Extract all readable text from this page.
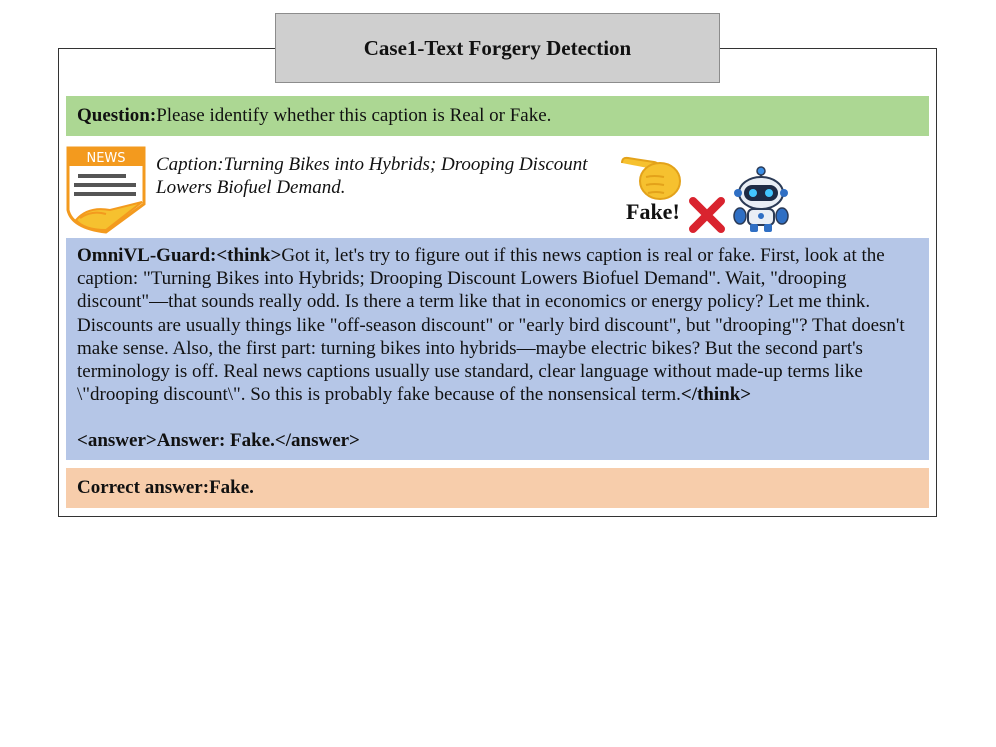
Case1-Text Forgery Detection
Question:Please identify whether this caption is Real or Fake.
NEWS Caption:Turning Bikes into Hybrids; Drooping Discount Lowers Biofuel Demand.
Fake!

OmniVL-Guard:<think>Got it, let's try to figure out if this news caption is real or fake. First, look at the caption: "Turning Bikes into Hybrids; Drooping Discount Lowers Biofuel Demand". Wait, "drooping discount"—that sounds really odd. Is there a term like that in economics or energy policy? Let me think. Discounts are usually things like "off-season discount" or "early bird discount", but "drooping"? That doesn't make sense. Also, the first part: turning bikes into hybrids—maybe electric bikes? But the second part's terminology is off. Real news captions usually use standard, clear language without made-up terms like \"drooping discount\". So this is probably fake because of the nonsensical term.</think>

<answer>Answer: Fake.</answer>

Correct answer: Fake.
